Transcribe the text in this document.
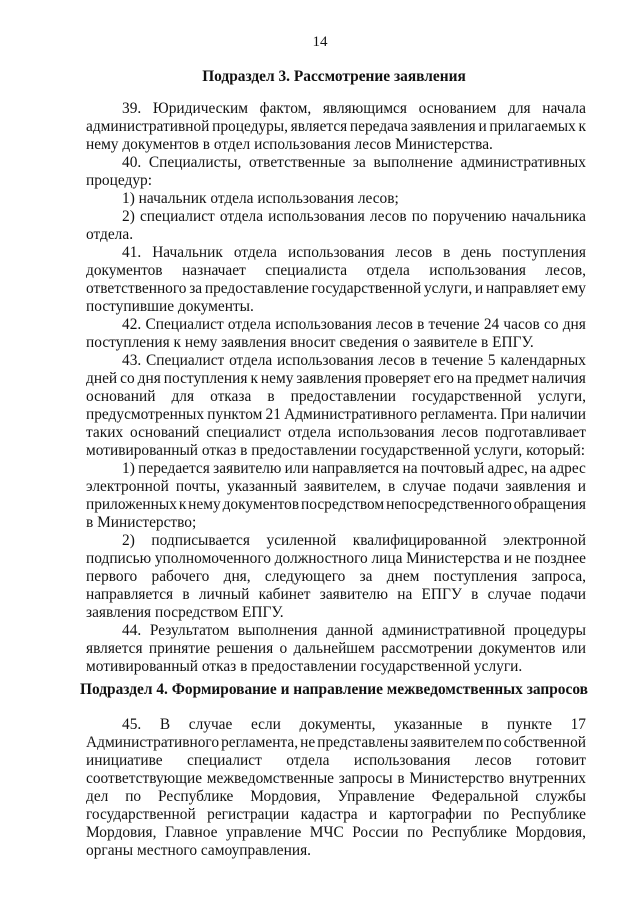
14
Подраздел 3. Рассмотрение заявления
39. Юридическим фактом, являющимся основанием для начала
административной процедуры, является передача заявления и прилагаемых к
нему документов в отдел использования лесов Министерства.
40. Специалисты, ответственные за выполнение административных
процедур:
1) начальник отдела использования лесов;
2) специалист отдела использования лесов по поручению начальника
отдела.
41. Начальник отдела использования лесов в день поступления
документов назначает специалиста отдела использования лесов,
ответственного за предоставление государственной услуги, и направляет ему
поступившие документы.
42. Специалист отдела использования лесов в течение 24 часов со дня
поступления к нему заявления вносит сведения о заявителе в ЕПГУ.
43. Специалист отдела использования лесов в течение 5 календарных
дней со дня поступления к нему заявления проверяет его на предмет наличия
оснований для отказа в предоставлении государственной услуги,
предусмотренных пунктом 21 Административного регламента. При наличии
таких оснований специалист отдела использования лесов подготавливает
мотивированный отказ в предоставлении государственной услуги, который:
1) передается заявителю или направляется на почтовый адрес, на адрес
электронной почты, указанный заявителем, в случае подачи заявления и
приложенных к нему документов посредством непосредственного обращения
в Министерство;
2) подписывается усиленной квалифицированной электронной
подписью уполномоченного должностного лица Министерства и не позднее
первого рабочего дня, следующего за днем поступления запроса,
направляется в личный кабинет заявителю на ЕПГУ в случае подачи
заявления посредством ЕПГУ.
44. Результатом выполнения данной административной процедуры
является принятие решения о дальнейшем рассмотрении документов или
мотивированный отказ в предоставлении государственной услуги.
Подраздел 4. Формирование и направление межведомственных запросов
45. В случае если документы, указанные в пункте 17
Административного регламента, не представлены заявителем по собственной
инициативе специалист отдела использования лесов готовит
соответствующие межведомственные запросы в Министерство внутренних
дел по Республике Мордовия, Управление Федеральной службы
государственной регистрации кадастра и картографии по Республике
Мордовия, Главное управление МЧС России по Республике Мордовия,
органы местного самоуправления.
